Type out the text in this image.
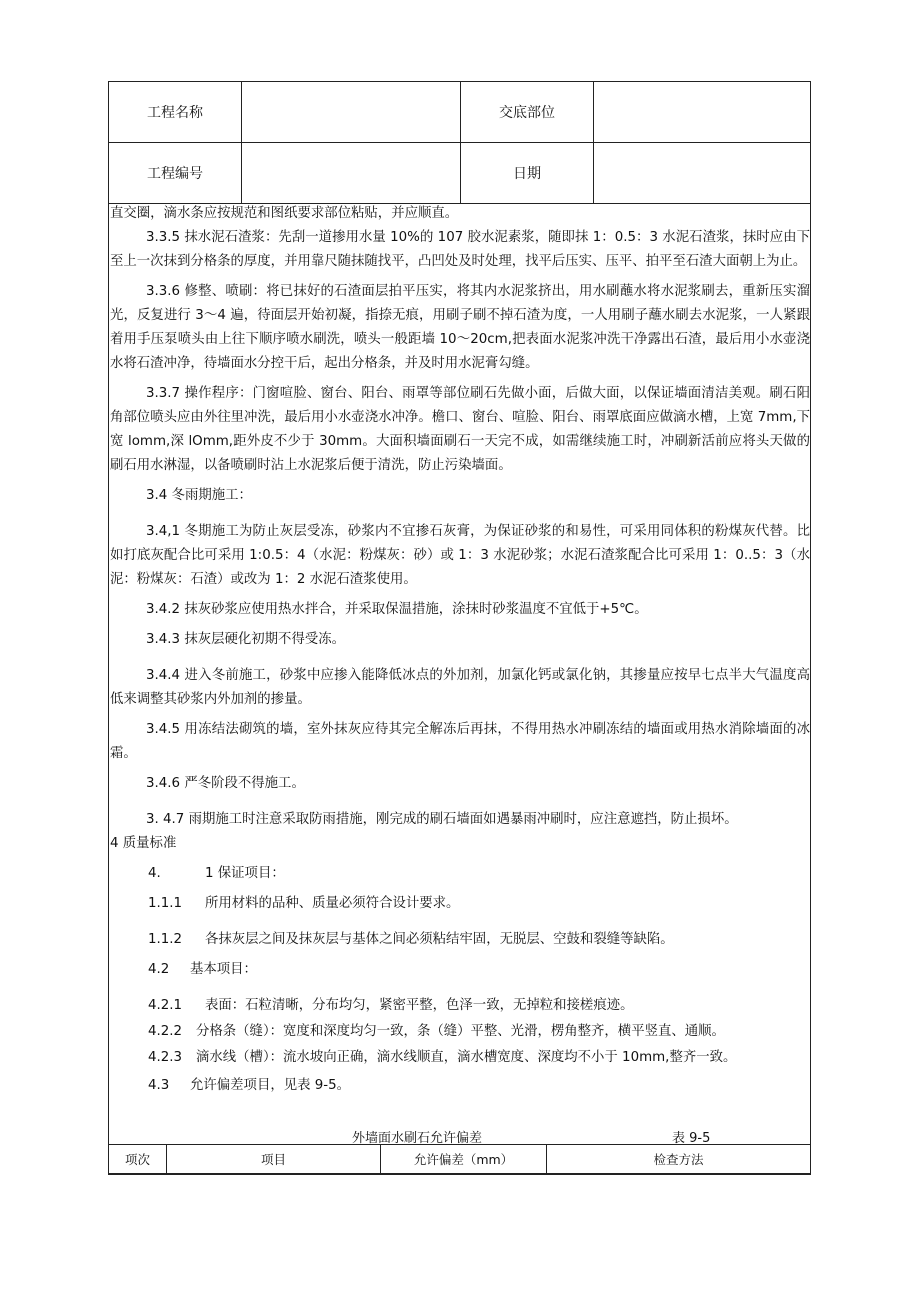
工程名称		交底部位	
工程编号		日期	

直交圈，滴水条应按规范和图纸要求部位粘贴，并应顺直。

3.3.5 抹水泥石渣浆：先刮一道掺用水量 10%的 107 胶水泥素浆，随即抹 1：0.5：3 水泥石渣浆，抹时应由下至上一次抹到分格条的厚度，并用靠尺随抹随找平，凸凹处及时处理，找平后压实、压平、拍平至石渣大面朝上为止。

3.3.6 修整、喷刷：将已抹好的石渣面层拍平压实，将其内水泥浆挤出，用水刷蘸水将水泥浆刷去，重新压实溜光，反复进行 3～4 遍，待面层开始初凝，指捺无痕，用刷子刷不掉石渣为度，一人用刷子蘸水刷去水泥浆，一人紧跟着用手压泵喷头由上往下顺序喷水刷洗，喷头一般距墙 10～20cm,把表面水泥浆冲洗干净露出石渣，最后用小水壶浇水将石渣冲净，待墙面水分控干后，起出分格条，并及时用水泥膏勾缝。

3.3.7 操作程序：门窗喧脸、窗台、阳台、雨罩等部位刷石先做小面，后做大面，以保证墙面清洁美观。刷石阳角部位喷头应由外往里冲洗，最后用小水壶浇水冲净。檐口、窗台、喧脸、阳台、雨罩底面应做滴水槽，上宽 7mm,下宽 lomm,深 lOmm,距外皮不少于 30mm。大面积墙面刷石一天完不成，如需继续施工时，冲刷新活前应将头天做的刷石用水淋湿，以备喷刷时沾上水泥浆后便于清洗，防止污染墙面。

3.4 冬雨期施工：

3.4,1 冬期施工为防止灰层受冻，砂浆内不宜掺石灰膏，为保证砂浆的和易性，可采用同体积的粉煤灰代替。比如打底灰配合比可采用 1:0.5：4（水泥：粉煤灰：砂）或 1：3 水泥砂浆；水泥石渣浆配合比可采用 1：0..5：3（水泥：粉煤灰：石渣）或改为 1：2 水泥石渣浆使用。

3.4.2 抹灰砂浆应使用热水拌合，并采取保温措施，涂抹时砂浆温度不宜低于+5℃。

3.4.3 抹灰层硬化初期不得受冻。

3.4.4 进入冬前施工，砂浆中应掺入能降低冰点的外加剂，加氯化钙或氯化钠，其掺量应按早七点半大气温度高低来调整其砂浆内外加剂的掺量。

3.4.5 用冻结法砌筑的墙，室外抹灰应待其完全解冻后再抹，不得用热水冲刷冻结的墙面或用热水消除墙面的冰霜。

3.4.6 严冬阶段不得施工。

3. 4.7 雨期施工时注意采取防雨措施，刚完成的刷石墙面如遇暴雨冲刷时，应注意遮挡，防止损坏。

4 质量标准

4.	1 保证项目：

1.1.1 所用材料的品种、质量必须符合设计要求。

1.1.2 各抹灰层之间及抹灰层与基体之间必须粘结牢固，无脱层、空鼓和裂缝等缺陷。

4.2 基本项目：

4.2.1 表面：石粒清晰，分布均匀，紧密平整，色泽一致，无掉粒和接槎痕迹。

4.2.2 分格条（缝）：宽度和深度均匀一致，条（缝）平整、光滑，楞角整齐，横平竖直、通顺。

4.2.3 滴水线（槽）：流水坡向正确，滴水线顺直，滴水槽宽度、深度均不小于 10mm,整齐一致。

4.3 允许偏差项目，见表 9-5。

外墙面水刷石允许偏差	表 9-5
项次	项目	允许偏差（mm）	检查方法
